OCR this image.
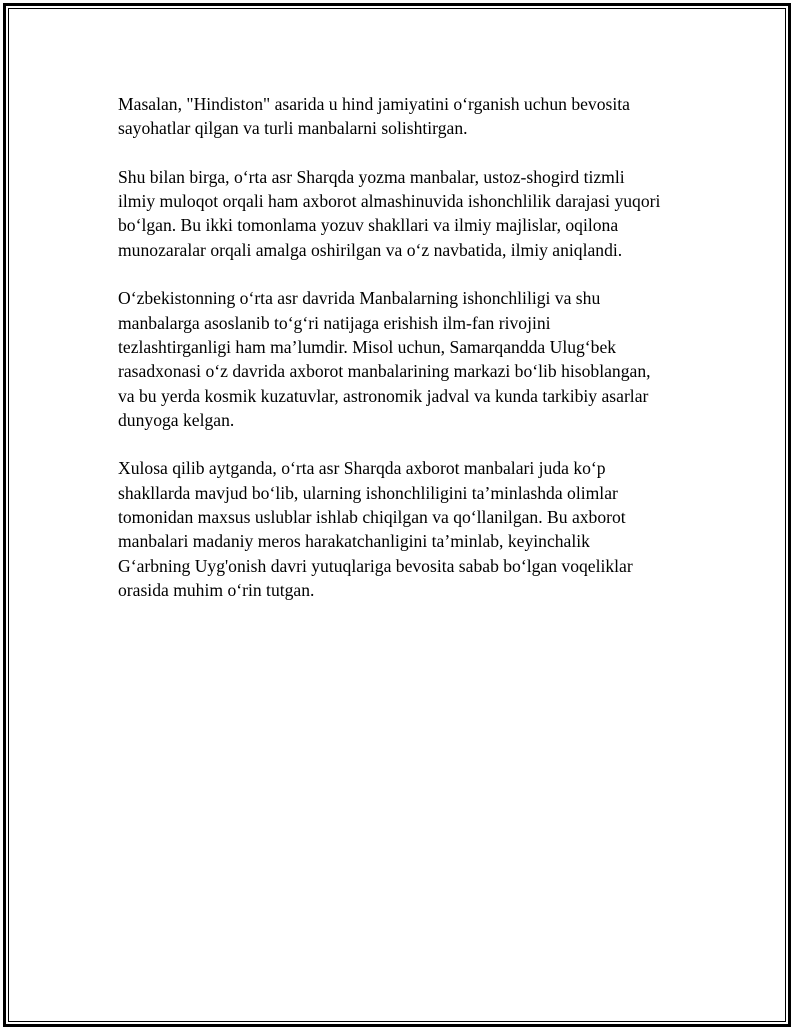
Masalan, "Hindiston" asarida u hind jamiyatini o‘rganish uchun bevosita
sayohatlar qilgan va turli manbalarni solishtirgan.

Shu bilan birga, o‘rta asr Sharqda yozma manbalar, ustoz-shogird tizmli
ilmiy muloqot orqali ham axborot almashinuvida ishonchlilik darajasi yuqori
bo‘lgan. Bu ikki tomonlama yozuv shakllari va ilmiy majlislar, oqilona
munozaralar orqali amalga oshirilgan va o‘z navbatida, ilmiy aniqlandi.

O‘zbekistonning o‘rta asr davrida Manbalarning ishonchliligi va shu
manbalarga asoslanib to‘g‘ri natijaga erishish ilm-fan rivojini
tezlashtirganligi ham ma’lumdir. Misol uchun, Samarqandda Ulug‘bek
rasadxonasi o‘z davrida axborot manbalarining markazi bo‘lib hisoblangan,
va bu yerda kosmik kuzatuvlar, astronomik jadval va kunda tarkibiy asarlar
dunyoga kelgan.

Xulosa qilib aytganda, o‘rta asr Sharqda axborot manbalari juda ko‘p
shakllarda mavjud bo‘lib, ularning ishonchliligini ta’minlashda olimlar
tomonidan maxsus uslublar ishlab chiqilgan va qo‘llanilgan. Bu axborot
manbalari madaniy meros harakatchanligini ta’minlab, keyinchalik
G‘arbning Uyg'onish davri yutuqlariga bevosita sabab bo‘lgan voqeliklar
orasida muhim o‘rin tutgan.
